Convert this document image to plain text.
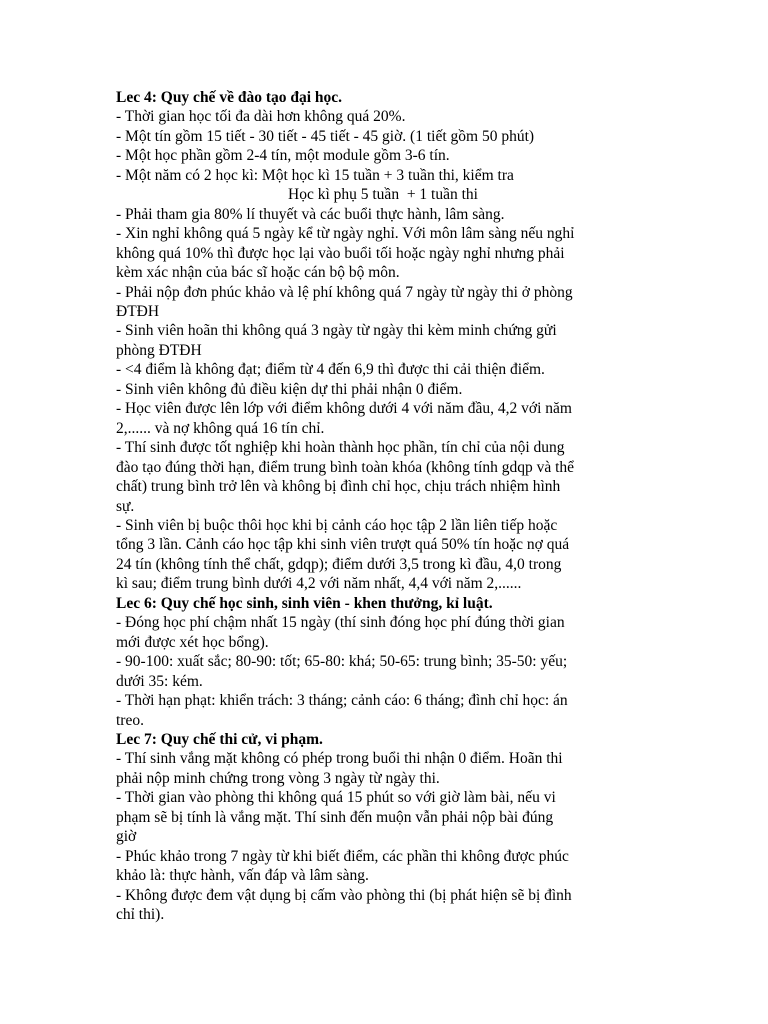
Lec 4: Quy chế về đào tạo đại học.
- Thời gian học tối đa dài hơn không quá 20%.
- Một tín gồm 15 tiết - 30 tiết - 45 tiết - 45 giờ. (1 tiết gồm 50 phút)
- Một học phần gồm 2-4 tín, một module gồm 3-6 tín.
- Một năm có 2 học kì: Một học kì 15 tuần + 3 tuần thi, kiểm tra
Học kì phụ 5 tuần  + 1 tuần thi
- Phải tham gia 80% lí thuyết và các buổi thực hành, lâm sàng.
- Xin nghỉ không quá 5 ngày kể từ ngày nghỉ. Với môn lâm sàng nếu nghỉ
không quá 10% thì được học lại vào buổi tối hoặc ngày nghỉ nhưng phải
kèm xác nhận của bác sĩ hoặc cán bộ bộ môn.
- Phải nộp đơn phúc khảo và lệ phí không quá 7 ngày từ ngày thi ở phòng
ĐTĐH
- Sinh viên hoãn thi không quá 3 ngày từ ngày thi kèm minh chứng gửi
phòng ĐTĐH
- <4 điểm là không đạt; điểm từ 4 đến 6,9 thì được thi cải thiện điểm.
- Sinh viên không đủ điều kiện dự thi phải nhận 0 điểm.
- Học viên được lên lớp với điểm không dưới 4 với năm đầu, 4,2 với năm
2,...... và nợ không quá 16 tín chỉ.
- Thí sinh được tốt nghiệp khi hoàn thành học phần, tín chỉ của nội dung
đào tạo đúng thời hạn, điểm trung bình toàn khóa (không tính gdqp và thể
chất) trung bình trở lên và không bị đình chỉ học, chịu trách nhiệm hình
sự.
- Sinh viên bị buộc thôi học khi bị cảnh cáo học tập 2 lần liên tiếp hoặc
tổng 3 lần. Cảnh cáo học tập khi sinh viên trượt quá 50% tín hoặc nợ quá
24 tín (không tính thể chất, gdqp); điểm dưới 3,5 trong kì đầu, 4,0 trong
kì sau; điểm trung bình dưới 4,2 với năm nhất, 4,4 với năm 2,......
Lec 6: Quy chế học sinh, sinh viên - khen thưởng, kỉ luật.
- Đóng học phí chậm nhất 15 ngày (thí sinh đóng học phí đúng thời gian
mới được xét học bổng).
- 90-100: xuất sắc; 80-90: tốt; 65-80: khá; 50-65: trung bình; 35-50: yếu;
dưới 35: kém.
- Thời hạn phạt: khiển trách: 3 tháng; cảnh cáo: 6 tháng; đình chỉ học: án
treo.
Lec 7: Quy chế thi cử, vi phạm.
- Thí sinh vắng mặt không có phép trong buổi thi nhận 0 điểm. Hoãn thi
phải nộp minh chứng trong vòng 3 ngày từ ngày thi.
- Thời gian vào phòng thi không quá 15 phút so với giờ làm bài, nếu vi
phạm sẽ bị tính là vắng mặt. Thí sinh đến muộn vẫn phải nộp bài đúng
giờ
- Phúc khảo trong 7 ngày từ khi biết điểm, các phần thi không được phúc
khảo là: thực hành, vấn đáp và lâm sàng.
- Không được đem vật dụng bị cấm vào phòng thi (bị phát hiện sẽ bị đình
chỉ thi).
